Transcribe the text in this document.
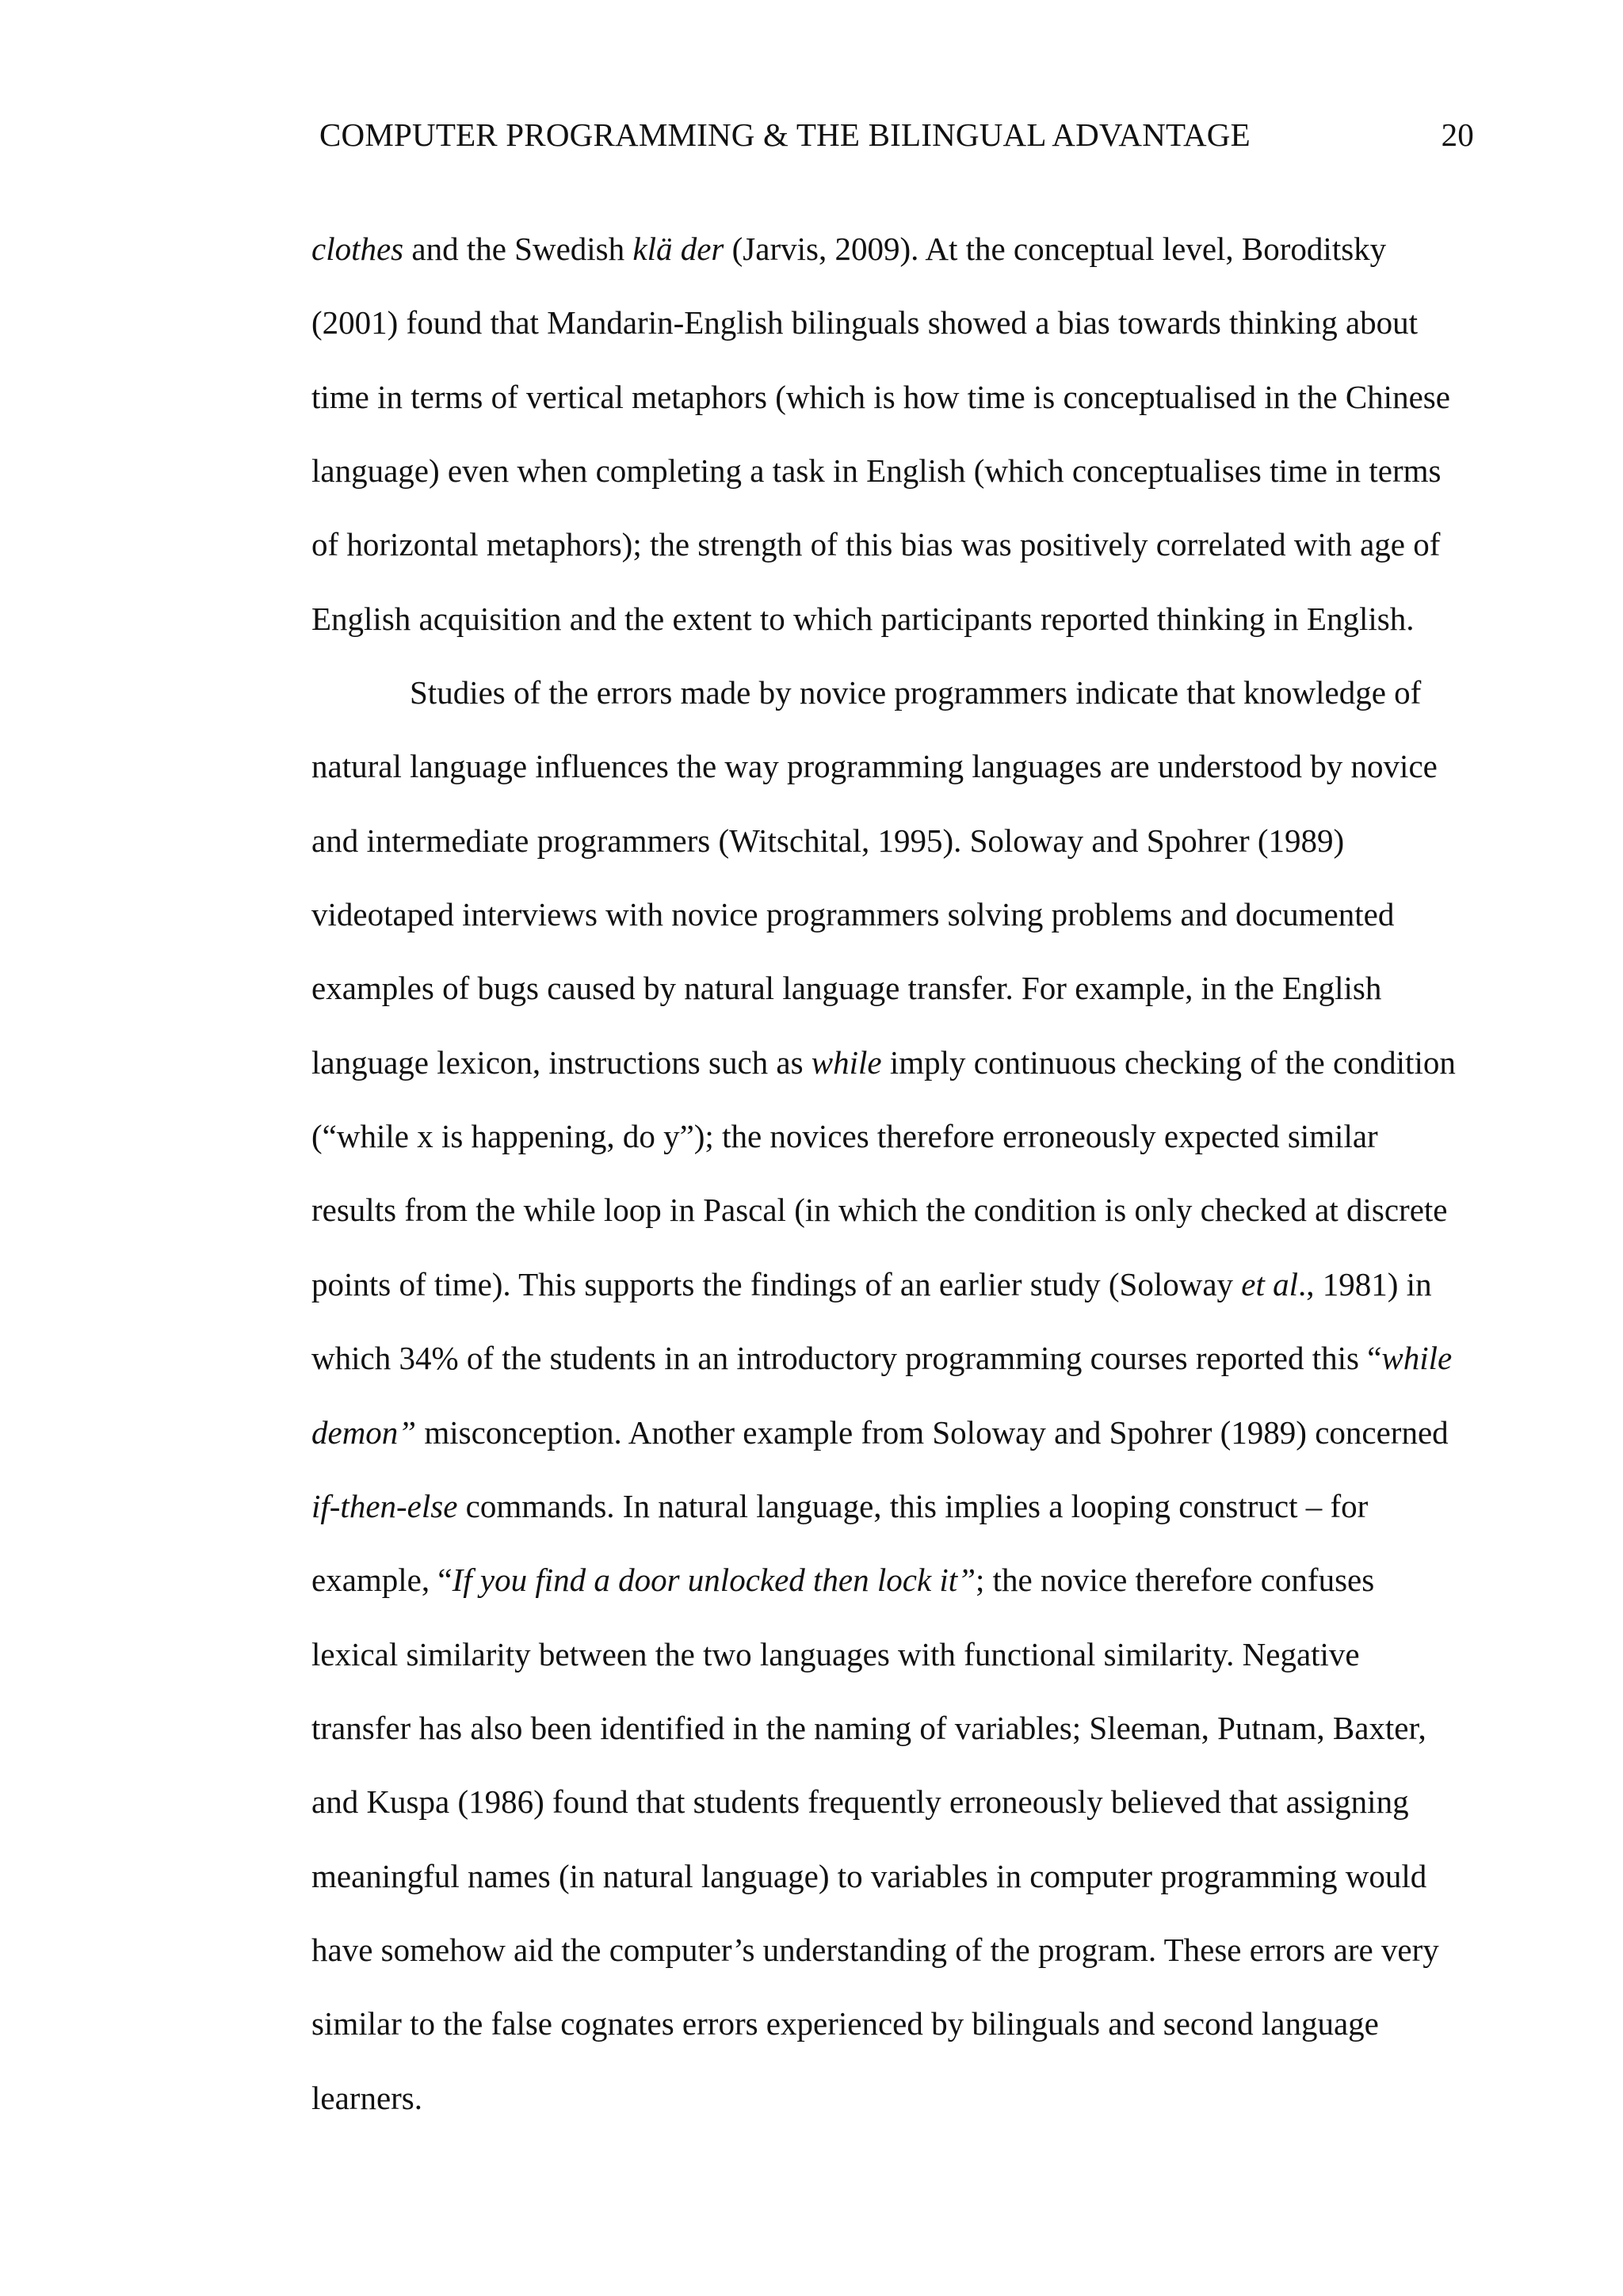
COMPUTER PROGRAMMING & THE BILINGUAL ADVANTAGE	20
clothes and the Swedish klä der (Jarvis, 2009). At the conceptual level, Boroditsky
(2001) found that Mandarin-English bilinguals showed a bias towards thinking about
time in terms of vertical metaphors (which is how time is conceptualised in the Chinese
language) even when completing a task in English (which conceptualises time in terms
of horizontal metaphors); the strength of this bias was positively correlated with age of
English acquisition and the extent to which participants reported thinking in English.
Studies of the errors made by novice programmers indicate that knowledge of
natural language influences the way programming languages are understood by novice
and intermediate programmers (Witschital, 1995). Soloway and Spohrer (1989)
videotaped interviews with novice programmers solving problems and documented
examples of bugs caused by natural language transfer. For example, in the English
language lexicon, instructions such as while imply continuous checking of the condition
(“while x is happening, do y”); the novices therefore erroneously expected similar
results from the while loop in Pascal (in which the condition is only checked at discrete
points of time). This supports the findings of an earlier study (Soloway et al., 1981) in
which 34% of the students in an introductory programming courses reported this “while
demon” misconception. Another example from Soloway and Spohrer (1989) concerned
if-then-else commands. In natural language, this implies a looping construct – for
example, “If you find a door unlocked then lock it”; the novice therefore confuses
lexical similarity between the two languages with functional similarity. Negative
transfer has also been identified in the naming of variables; Sleeman, Putnam, Baxter,
and Kuspa (1986) found that students frequently erroneously believed that assigning
meaningful names (in natural language) to variables in computer programming would
have somehow aid the computer’s understanding of the program. These errors are very
similar to the false cognates errors experienced by bilinguals and second language
learners.
